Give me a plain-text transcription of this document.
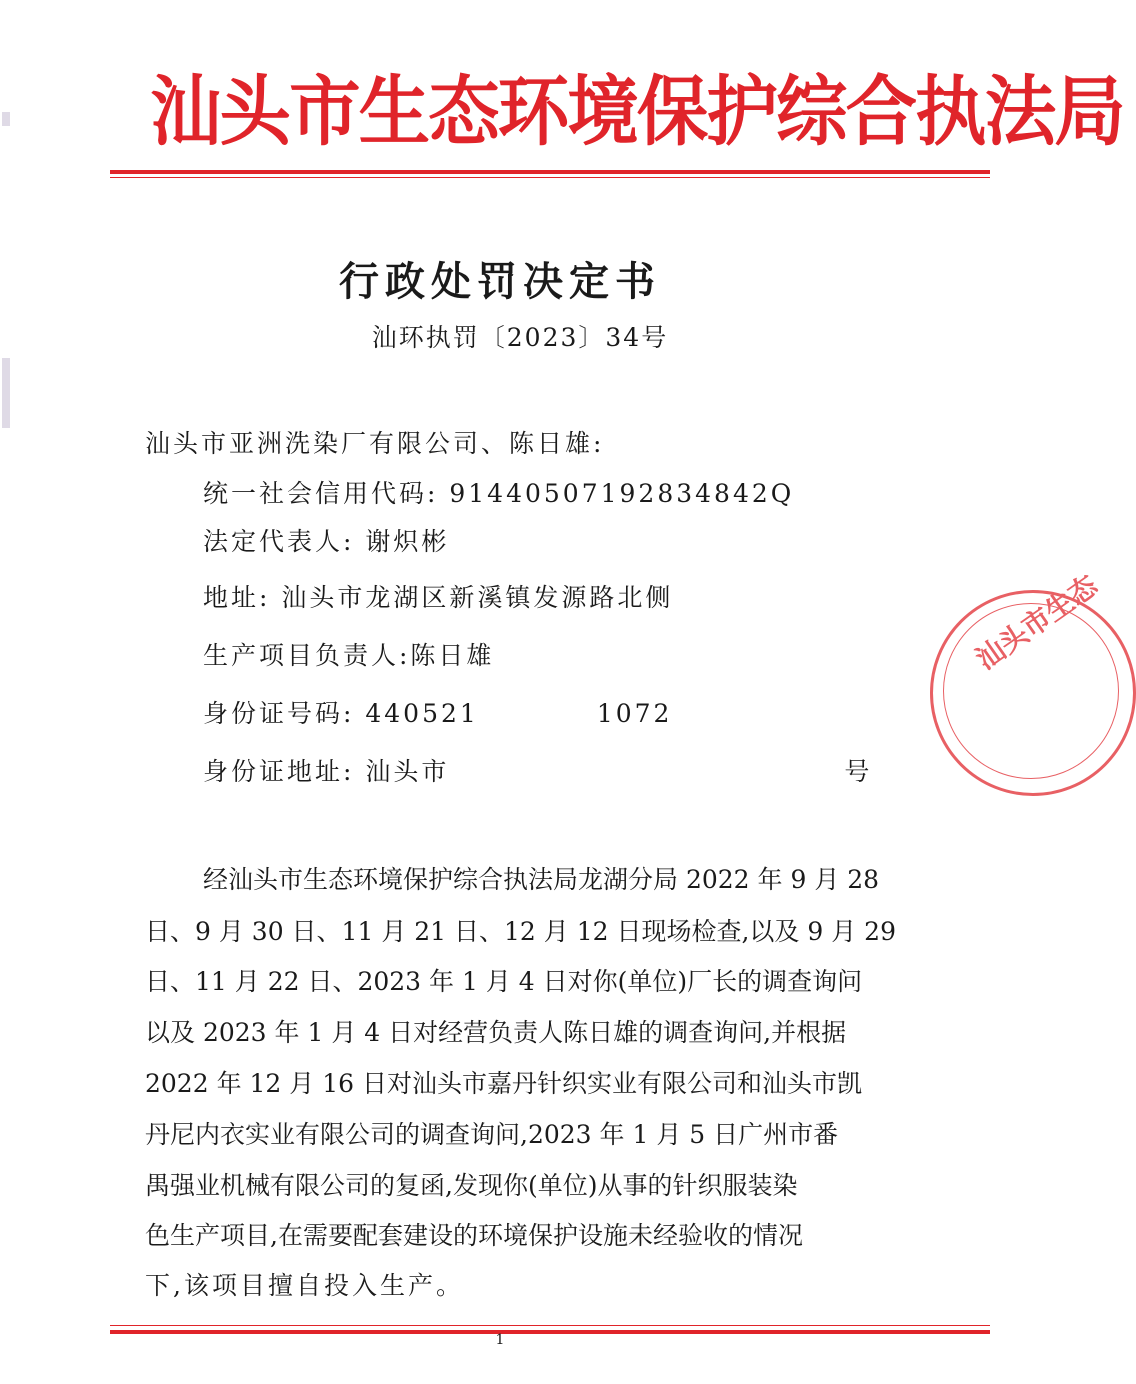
汕头市生态环境保护综合执法局
行政处罚决定书
汕环执罚〔2023〕34号
汕头市亚洲洗染厂有限公司、陈日雄:
统一社会信用代码: 91440507192834842Q
法定代表人: 谢炽彬
地址: 汕头市龙湖区新溪镇发源路北侧
生产项目负责人:陈日雄
身份证号码: 440521	1072
身份证地址: 汕头市	号
经汕头市生态环境保护综合执法局龙湖分局 2022 年 9 月 28
日、9 月 30 日、11 月 21 日、12 月 12 日现场检查,以及 9 月 29
日、11 月 22 日、2023 年 1 月 4 日对你(单位)厂长的调查询问
以及 2023 年 1 月 4 日对经营负责人陈日雄的调查询问,并根据
2022 年 12 月 16 日对汕头市嘉丹针织实业有限公司和汕头市凯
丹尼内衣实业有限公司的调查询问,2023 年 1 月 5 日广州市番
禺强业机械有限公司的复函,发现你(单位)从事的针织服装染
色生产项目,在需要配套建设的环境保护设施未经验收的情况
下,该项目擅自投入生产。
汕头市生态
1
